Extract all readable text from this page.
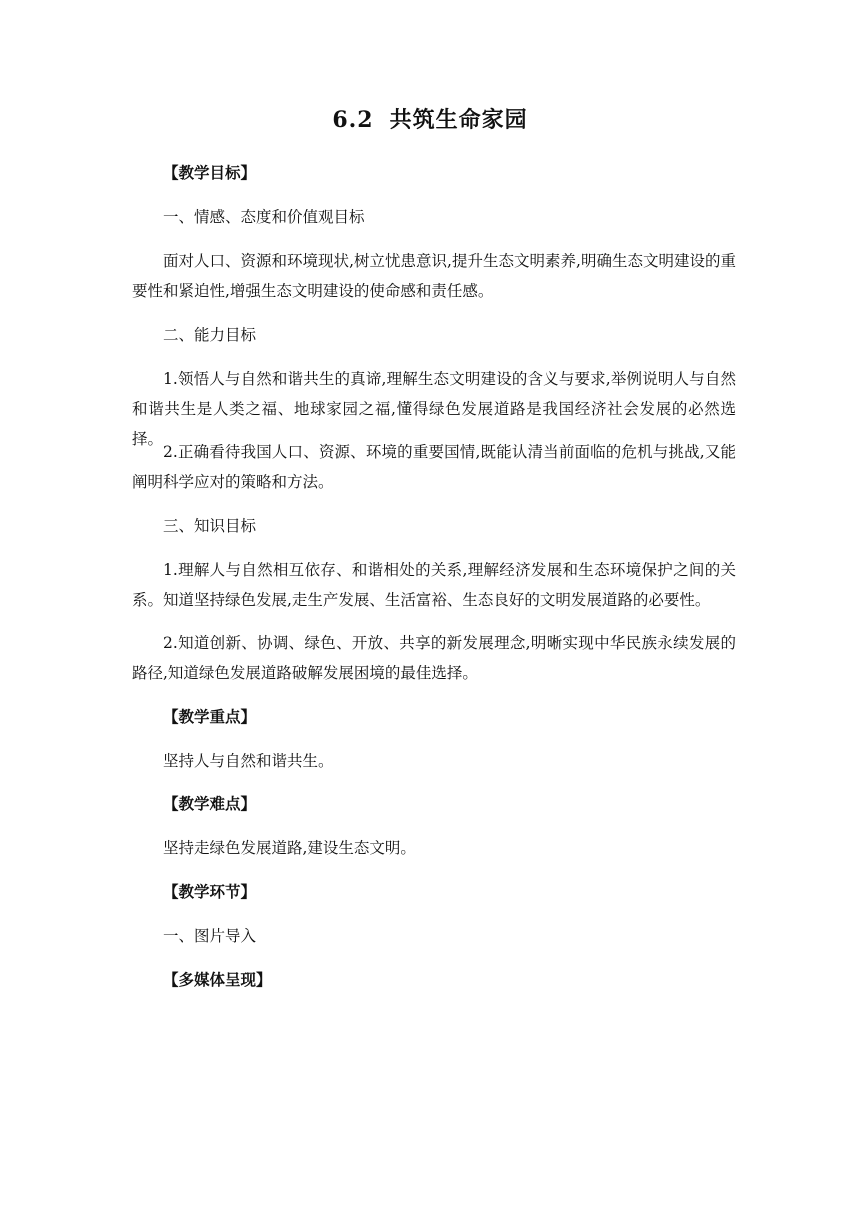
6.2 共筑生命家园
【教学目标】
一、情感、态度和价值观目标
面对人口、资源和环境现状,树立忧患意识,提升生态文明素养,明确生态文明建设的重要性和紧迫性,增强生态文明建设的使命感和责任感。
二、能力目标
1.领悟人与自然和谐共生的真谛,理解生态文明建设的含义与要求,举例说明人与自然和谐共生是人类之福、地球家园之福,懂得绿色发展道路是我国经济社会发展的必然选择。
2.正确看待我国人口、资源、环境的重要国情,既能认清当前面临的危机与挑战,又能阐明科学应对的策略和方法。
三、知识目标
1.理解人与自然相互依存、和谐相处的关系,理解经济发展和生态环境保护之间的关系。知道坚持绿色发展,走生产发展、生活富裕、生态良好的文明发展道路的必要性。
2.知道创新、协调、绿色、开放、共享的新发展理念,明晰实现中华民族永续发展的路径,知道绿色发展道路破解发展困境的最佳选择。
【教学重点】
坚持人与自然和谐共生。
【教学难点】
坚持走绿色发展道路,建设生态文明。
【教学环节】
一、图片导入
【多媒体呈现】
